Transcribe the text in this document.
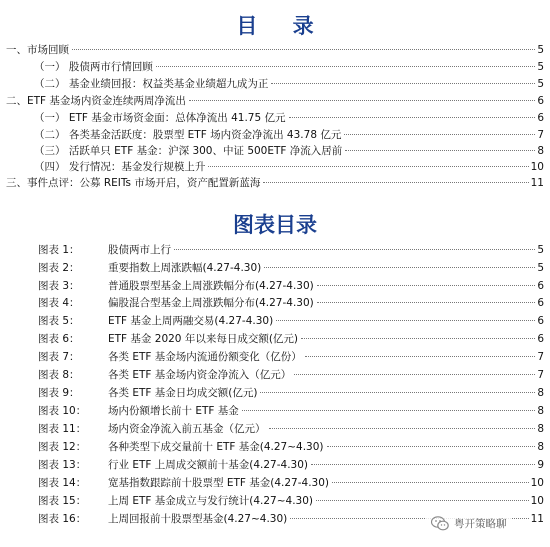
目 录
一、市场回顾	5
（一） 股债两市行情回顾	5
（二） 基金业绩回报：权益类基金业绩超九成为正	5
二、ETF 基金场内资金连续两周净流出	6
（一） ETF 基金市场资金面：总体净流出 41.75 亿元	6
（二） 各类基金活跃度：股票型 ETF 场内资金净流出 43.78 亿元	7
（三） 活跃单只 ETF 基金：沪深 300、中证 500ETF 净流入居前	8
（四） 发行情况：基金发行规模上升	10
三、事件点评：公募 REITs 市场开启，资产配置新蓝海	11
图表目录
图表 1：	股债两市上行	5
图表 2：	重要指数上周涨跌幅(4.27-4.30)	5
图表 3：	普通股票型基金上周涨跌幅分布(4.27-4.30)	6
图表 4：	偏股混合型基金上周涨跌幅分布(4.27-4.30)	6
图表 5：	ETF 基金上周两融交易(4.27-4.30)	6
图表 6：	ETF 基金 2020 年以来每日成交额(亿元)	6
图表 7：	各类 ETF 基金场内流通份额变化（亿份）	7
图表 8：	各类 ETF 基金场内资金净流入（亿元）	7
图表 9：	各类 ETF 基金日均成交额(亿元)	8
图表 10：	场内份额增长前十 ETF 基金	8
图表 11：	场内资金净流入前五基金（亿元）	8
图表 12：	各种类型下成交量前十 ETF 基金(4.27~4.30)	8
图表 13：	行业 ETF 上周成交额前十基金(4.27-4.30)	9
图表 14：	宽基指数跟踪前十股票型 ETF 基金(4.27-4.30)	10
图表 15：	上周 ETF 基金成立与发行统计(4.27~4.30)	10
图表 16：	上周回报前十股票型基金(4.27~4.30)	11
粤开策略聊
